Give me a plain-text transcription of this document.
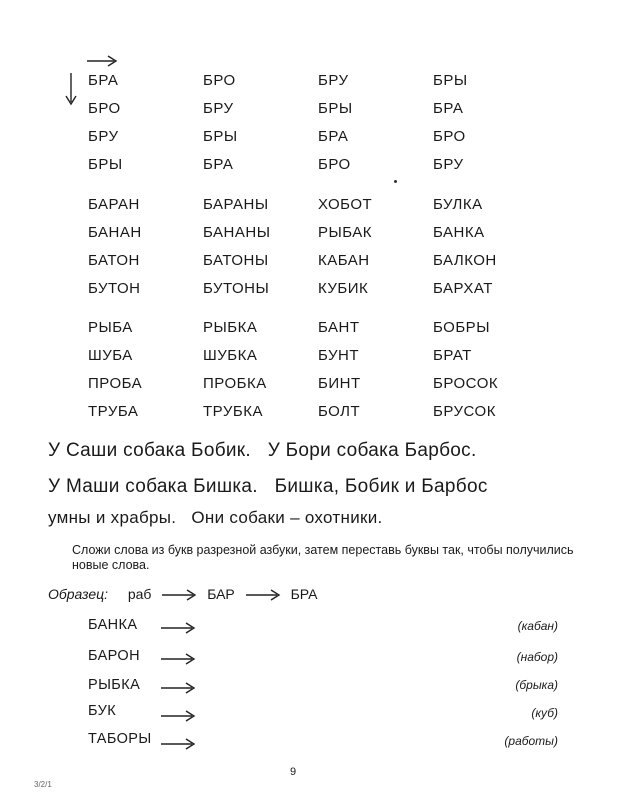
БРА	БРО	БРУ	БРЫ
БРО	БРУ	БРЫ	БРА
БРУ	БРЫ	БРА	БРО
БРЫ	БРА	БРО	БРУ
БАРАН	БАРАНЫ	ХОБОТ	БУЛКА
БАНАН	БАНАНЫ	РЫБАК	БАНКА
БАТОН	БАТОНЫ	КАБАН	БАЛКОН
БУТОН	БУТОНЫ	КУБИК	БАРХАТ
РЫБА	РЫБКА	БАНТ	БОБРЫ
ШУБА	ШУБКА	БУНТ	БРАТ
ПРОБА	ПРОБКА	БИНТ	БРОСОК
ТРУБА	ТРУБКА	БОЛТ	БРУСОК
У Саши собака Бобик.   У Бори собака Барбос.
У Маши собака Бишка.   Бишка, Бобик и Барбос
умны и храбры.   Они собаки – охотники.
Сложи слова из букв разрезной азбуки, затем переставь буквы так, чтобы получились новые слова.
Образец: раб	БАР	БРА
БАНКА	(кабан)
БАРОН	(набор)
РЫБКА	(брыка)
БУК	(куб)
ТАБОРЫ	(работы)
9
3/2/1
